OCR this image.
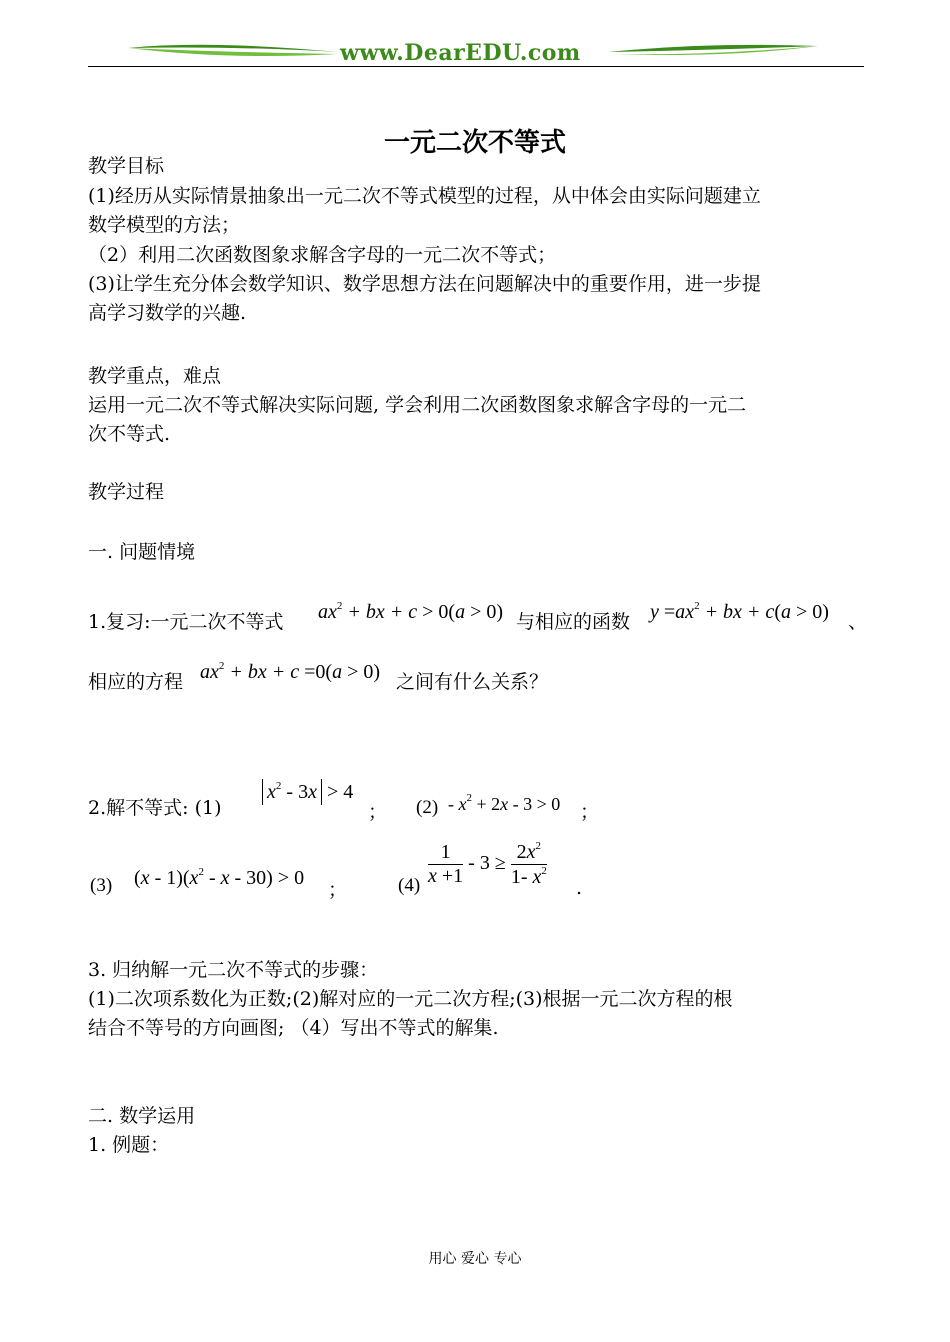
www.DearEDU.com
一元二次不等式
教学目标
(1)经历从实际情景抽象出一元二次不等式模型的过程，从中体会由实际问题建立
数学模型的方法；
（2）利用二次函数图象求解含字母的一元二次不等式；
(3)让学生充分体会数学知识、数学思想方法在问题解决中的重要作用，进一步提
高学习数学的兴趣.
教学重点，难点
运用一元二次不等式解决实际问题, 学会利用二次函数图象求解含字母的一元二
次不等式.
教学过程
一. 问题情境
1.复习:一元二次不等式 $ax^2$ + bx + c > 0(a > 0) 与相应的函数 $y =ax^2$ + bx + c(a > 0) 、
相应的方程 $ax^2$ + bx + c =0(a > 0) 之间有什么关系？
2.解不等式: (1)
$x^2 - 3x > 4$
； $(2) - x^2 + 2x - 3 > 0$ ；
(3) $(x - 1)(x^2 - x - 30) > 0$
；	$(4) \frac{1}{x +1} - 3 \ge \frac{2x^2}{1- x^2}$ .
3. 归纳解一元二次不等式的步骤：
(1)二次项系数化为正数;(2)解对应的一元二次方程;(3)根据一元二次方程的根
结合不等号的方向画图; （4）写出不等式的解集.
二. 数学运用
1. 例题：
用心 爱心 专心
